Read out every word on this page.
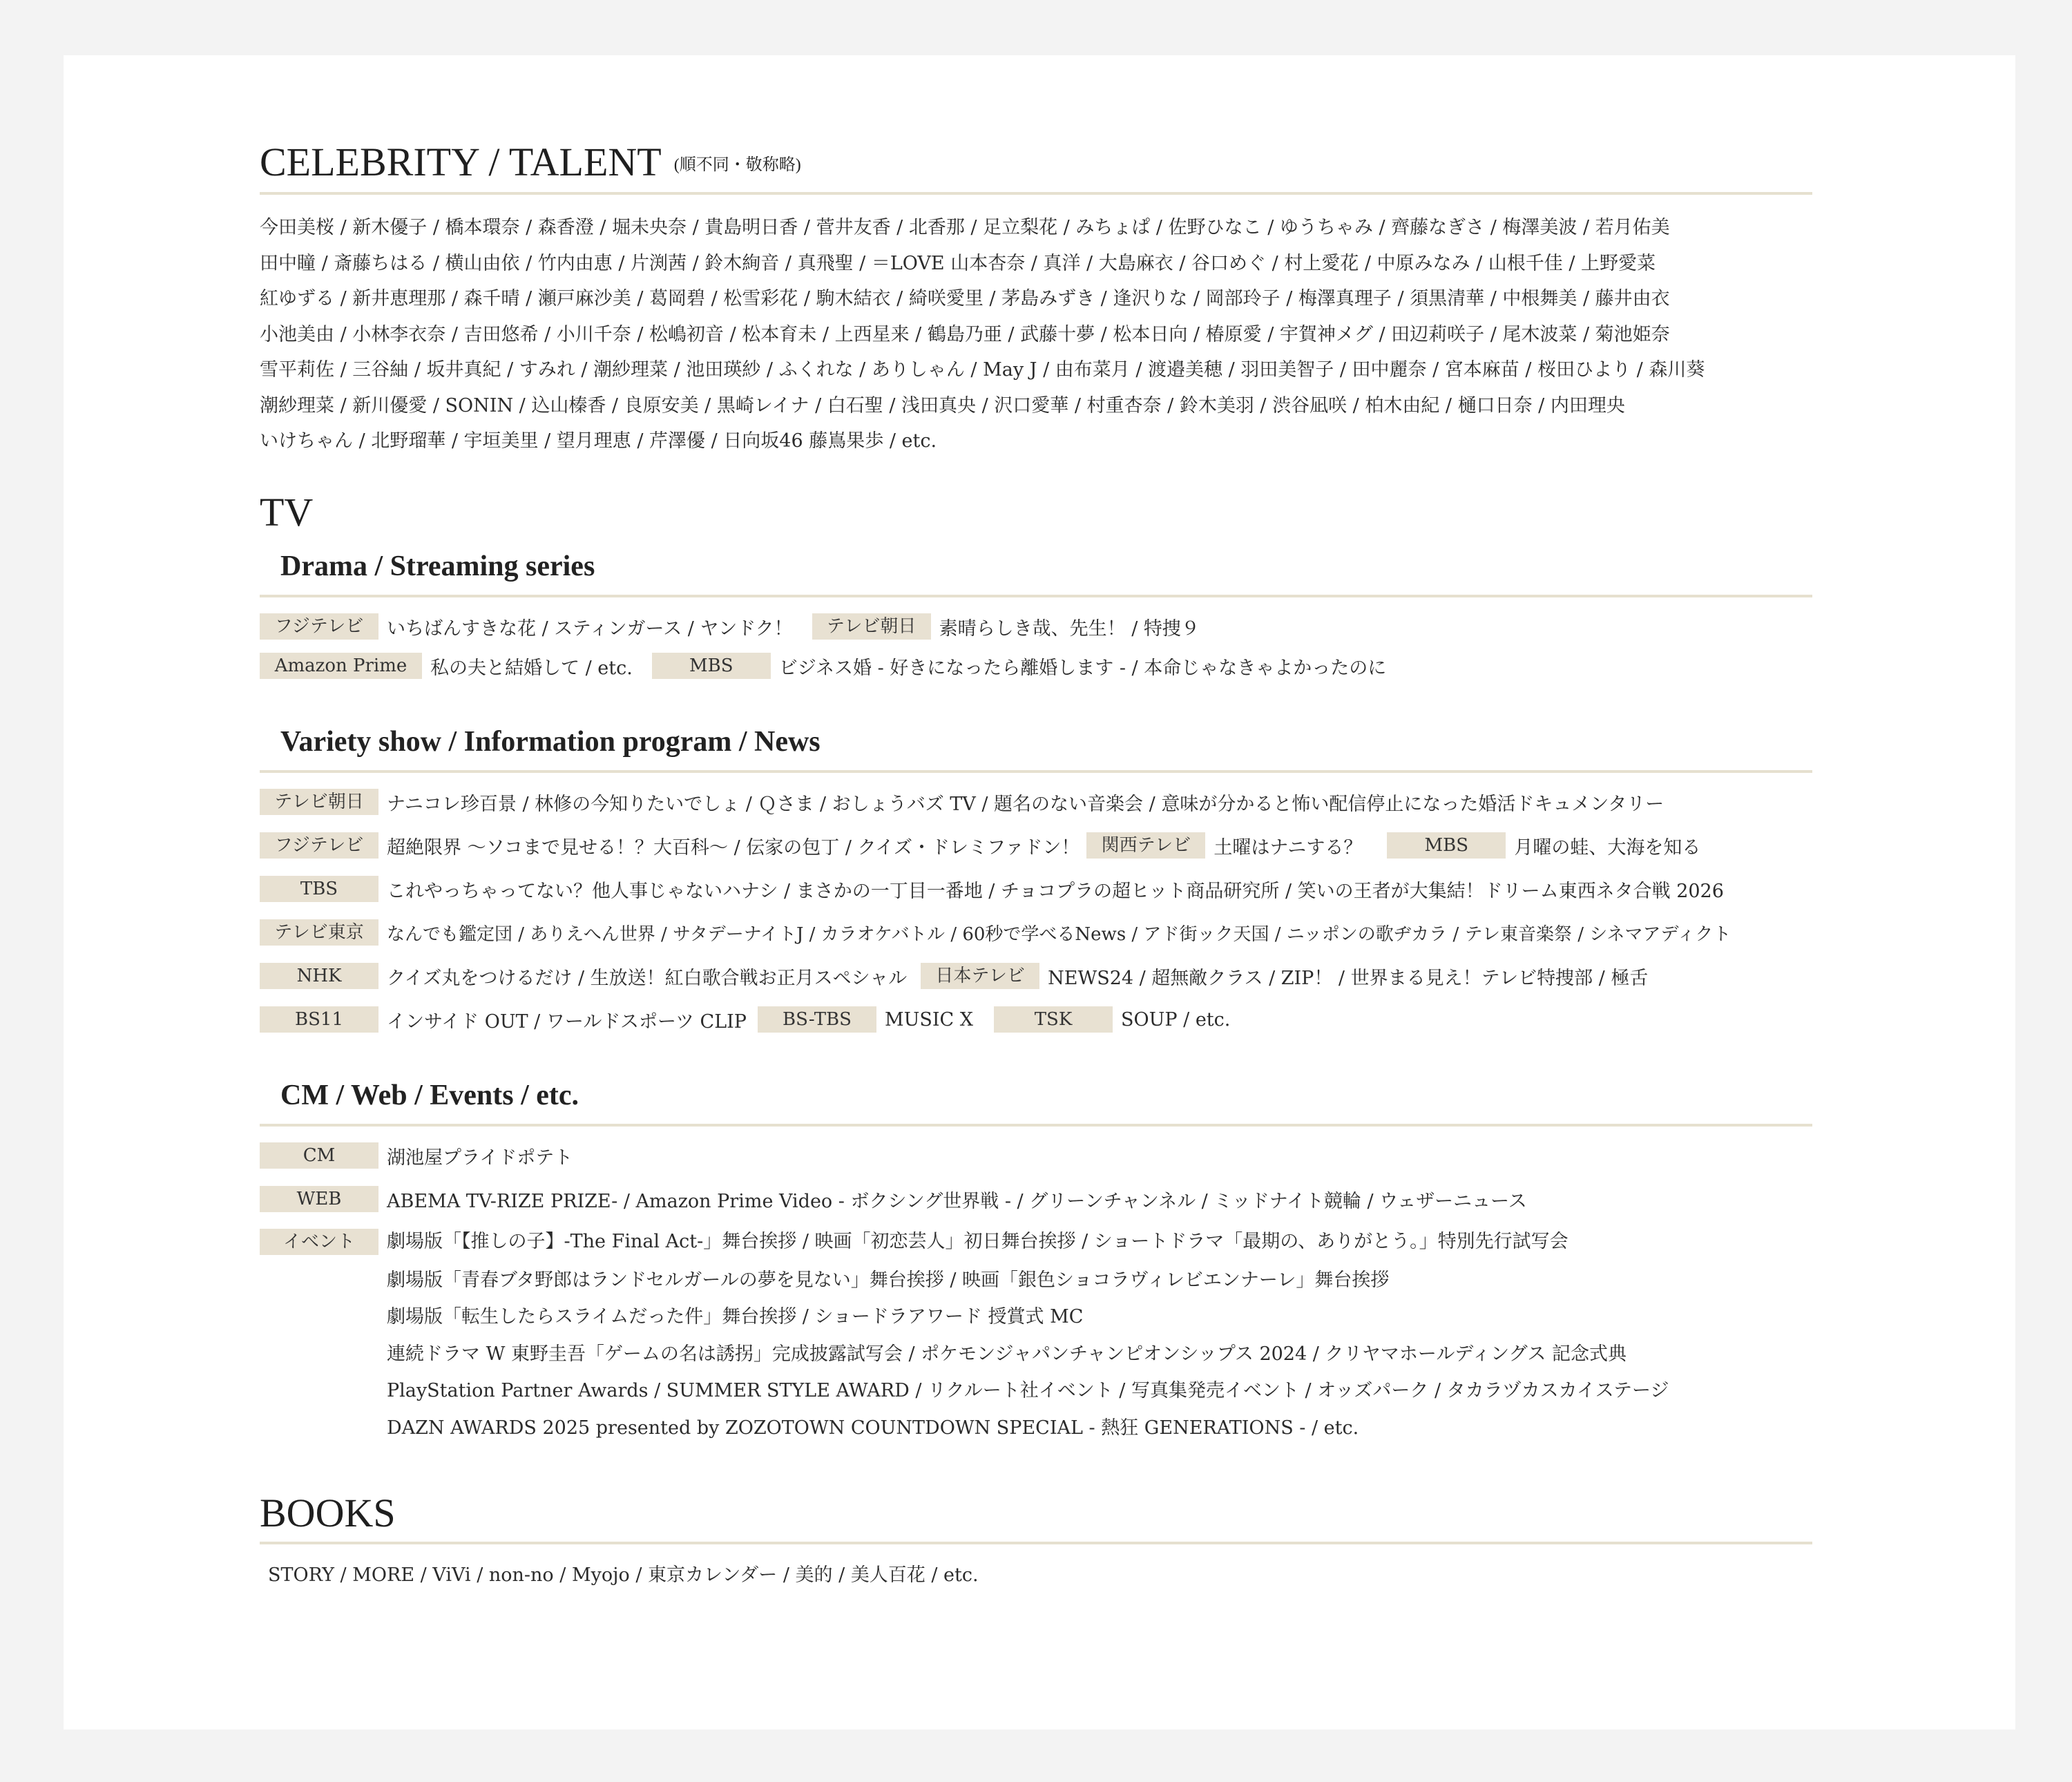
CELEBRITY / TALENT (順不同・敬称略)
今田美桜 / 新木優子 / 橋本環奈 / 森香澄 / 堀未央奈 / 貴島明日香 / 菅井友香 / 北香那 / 足立梨花 / みちょぱ / 佐野ひなこ / ゆうちゃみ / 齊藤なぎさ / 梅澤美波 / 若月佑美
田中瞳 / 斎藤ちはる / 横山由依 / 竹内由恵 / 片渕茜 / 鈴木絢音 / 真飛聖 / ＝LOVE 山本杏奈 / 真洋 / 大島麻衣 / 谷口めぐ / 村上愛花 / 中原みなみ / 山根千佳 / 上野愛菜
紅ゆずる / 新井恵理那 / 森千晴 / 瀬戸麻沙美 / 葛岡碧 / 松雪彩花 / 駒木結衣 / 綺咲愛里 / 茅島みずき / 逢沢りな / 岡部玲子 / 梅澤真理子 / 須黒清華 / 中根舞美 / 藤井由衣
小池美由 / 小林李衣奈 / 吉田悠希 / 小川千奈 / 松嶋初音 / 松本育未 / 上西星来 / 鶴島乃亜 / 武藤十夢 / 松本日向 / 椿原愛 / 宇賀神メグ / 田辺莉咲子 / 尾木波菜 / 菊池姫奈
雪平莉佐 / 三谷紬 / 坂井真紀 / すみれ / 潮紗理菜 / 池田瑛紗 / ふくれな / ありしゃん / May J / 由布菜月 / 渡邉美穂 / 羽田美智子 / 田中麗奈 / 宮本麻苗 / 桜田ひより / 森川葵
潮紗理菜 / 新川優愛 / SONIN / 込山榛香 / 良原安美 / 黒崎レイナ / 白石聖 / 浅田真央 / 沢口愛華 / 村重杏奈 / 鈴木美羽 / 渋谷凪咲 / 柏木由紀 / 樋口日奈 / 内田理央
いけちゃん / 北野瑠華 / 宇垣美里 / 望月理恵 / 芹澤優 / 日向坂46 藤嶌果歩 / etc.
TV
Drama / Streaming series
フジテレビ	いちばんすきな花 / スティンガース / ヤンドク！	テレビ朝日	素晴らしき哉、先生！ / 特捜９
Amazon Prime	私の夫と結婚して / etc.	MBS	ビジネス婚 - 好きになったら離婚します - / 本命じゃなきゃよかったのに
Variety show / Information program / News
テレビ朝日	ナニコレ珍百景 / 林修の今知りたいでしょ / Ｑさま / おしょうバズ TV / 題名のない音楽会 / 意味が分かると怖い配信停止になった婚活ドキュメンタリー
フジテレビ	超絶限界 〜ソコまで見せる！？大百科〜 / 伝家の包丁 / クイズ・ドレミファドン！	関西テレビ	土曜はナニする？	MBS	月曜の蛙、大海を知る
TBS	これやっちゃってない？他人事じゃないハナシ / まさかの一丁目一番地 / チョコプラの超ヒット商品研究所 / 笑いの王者が大集結！ドリーム東西ネタ合戦 2026
テレビ東京	なんでも鑑定団 / ありえへん世界 / サタデーナイトJ / カラオケバトル / 60秒で学べるNews / アド街ック天国 / ニッポンの歌ヂカラ / テレ東音楽祭 / シネマアディクト
NHK	クイズ丸をつけるだけ / 生放送！紅白歌合戦お正月スペシャル	日本テレビ	NEWS24 / 超無敵クラス / ZIP！ / 世界まる見え！テレビ特捜部 / 極舌
BS11	インサイド OUT / ワールドスポーツ CLIP	BS-TBS	MUSIC X	TSK	SOUP / etc.
CM / Web / Events / etc.
CM	湖池屋プライドポテト
WEB	ABEMA TV-RIZE PRIZE- / Amazon Prime Video - ボクシング世界戦 - / グリーンチャンネル / ミッドナイト競輪 / ウェザーニュース
イベント	劇場版「【推しの子】-The Final Act-」舞台挨拶 / 映画「初恋芸人」初日舞台挨拶 / ショートドラマ「最期の、ありがとう。」特別先行試写会
劇場版「青春ブタ野郎はランドセルガールの夢を見ない」舞台挨拶 / 映画「銀色ショコラヴィレビエンナーレ」舞台挨拶
劇場版「転生したらスライムだった件」舞台挨拶 / ショードラアワード 授賞式 MC
連続ドラマ W 東野圭吾「ゲームの名は誘拐」完成披露試写会 / ポケモンジャパンチャンピオンシップス 2024 / クリヤマホールディングス 記念式典
PlayStation Partner Awards / SUMMER STYLE AWARD / リクルート社イベント / 写真集発売イベント / オッズパーク / タカラヅカスカイステージ
DAZN AWARDS 2025 presented by ZOZOTOWN COUNTDOWN SPECIAL - 熱狂 GENERATIONS - / etc.
BOOKS
STORY / MORE / ViVi / non-no / Myojo / 東京カレンダー / 美的 / 美人百花 / etc.
